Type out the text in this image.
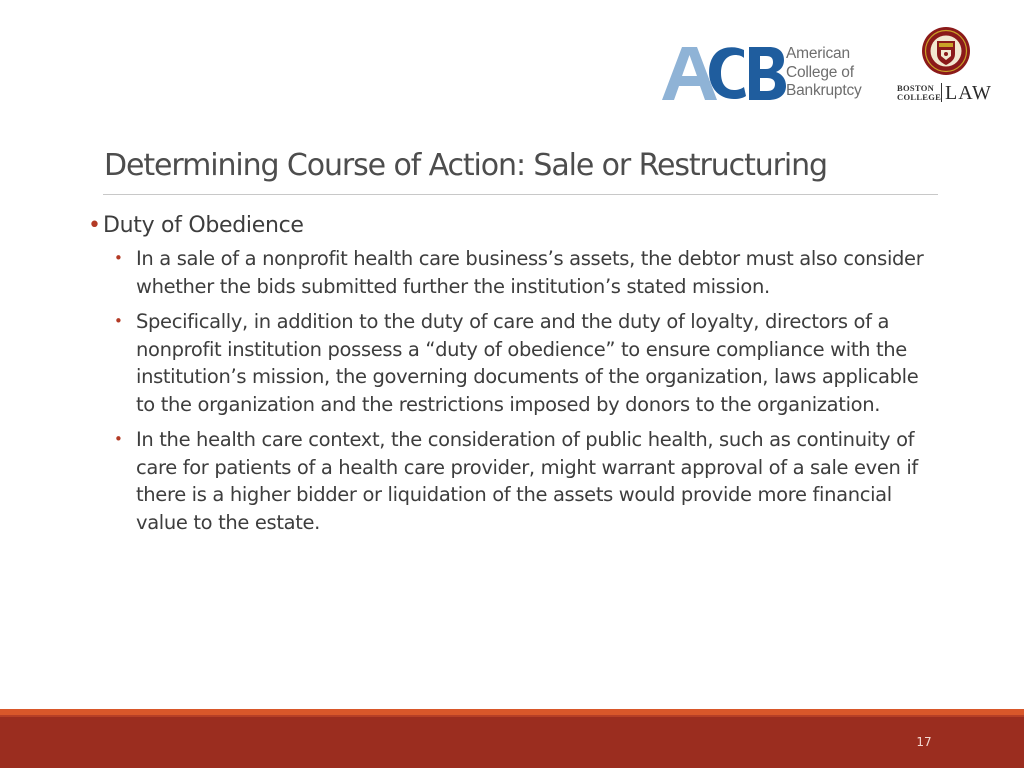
American
College of
Bankruptcy	BOSTON
COLLEGE LAW
Determining Course of Action: Sale or Restructuring
• Duty of Obedience
• In a sale of a nonprofit health care business’s assets, the debtor must also consider whether the bids submitted further the institution’s stated mission.
• Specifically, in addition to the duty of care and the duty of loyalty, directors of a nonprofit institution possess a “duty of obedience” to ensure compliance with the institution’s mission, the governing documents of the organization, laws applicable to the organization and the restrictions imposed by donors to the organization.
• In the health care context, the consideration of public health, such as continuity of care for patients of a health care provider, might warrant approval of a sale even if there is a higher bidder or liquidation of the assets would provide more financial value to the estate.
17
